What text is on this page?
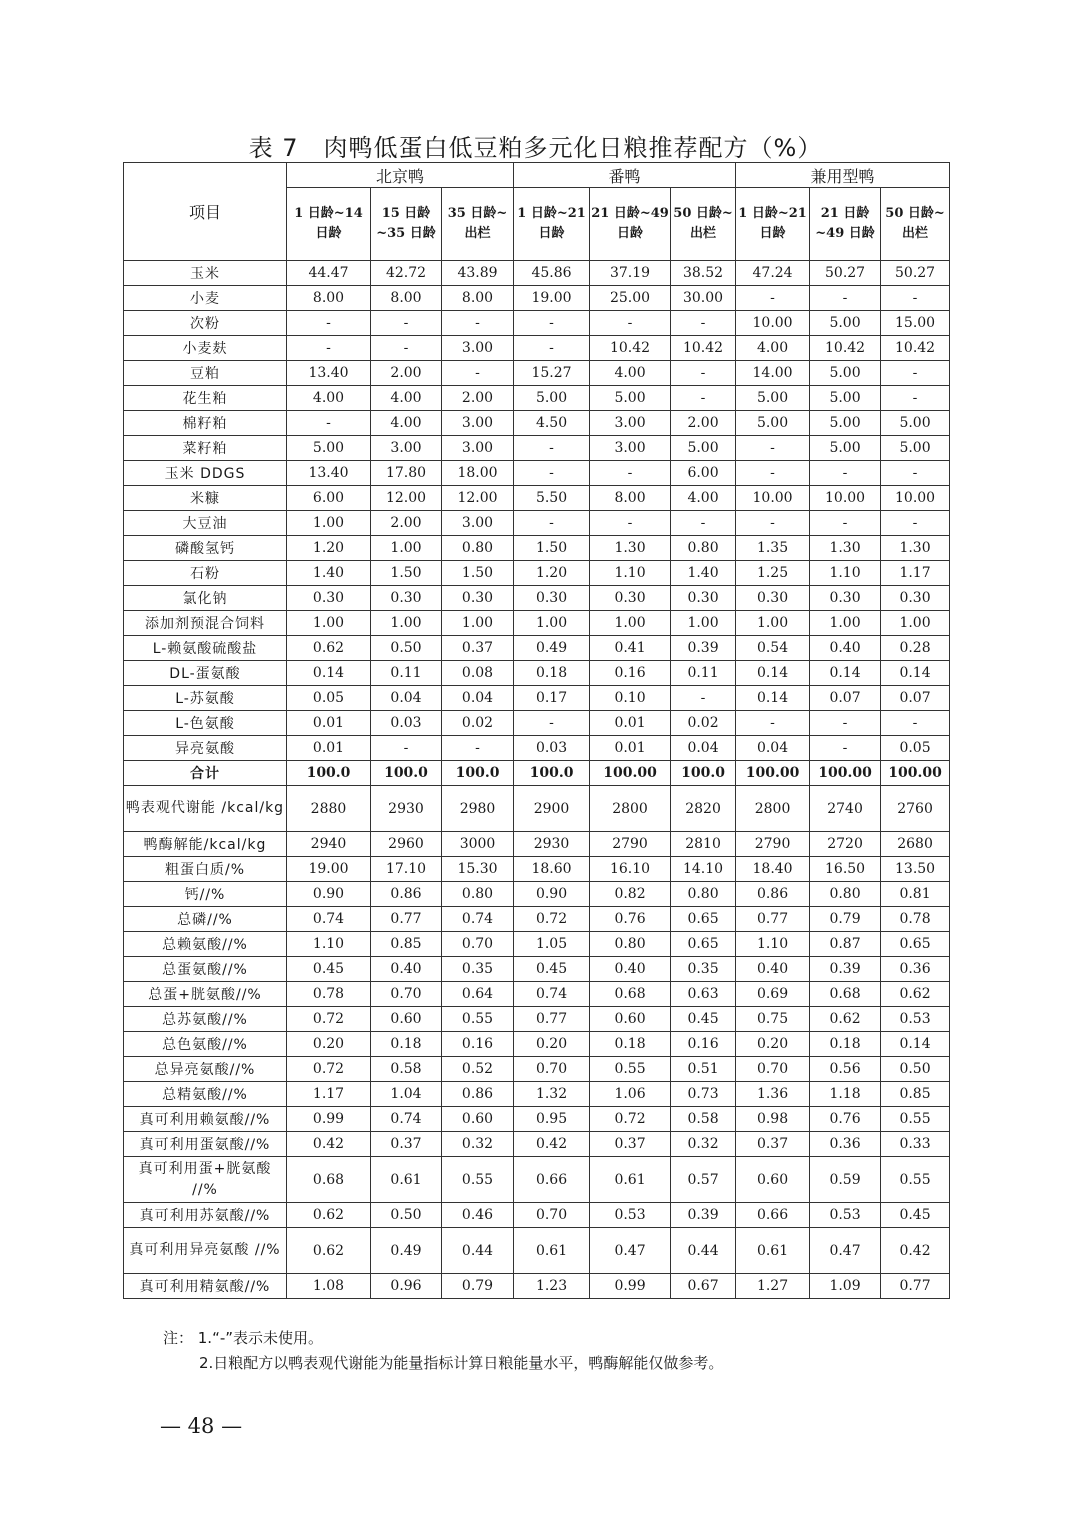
表 7　肉鸭低蛋白低豆粕多元化日粮推荐配方（%）
项目	北京鸭			番鸭			兼用型鸭		
	1 日龄~14 日龄	15 日龄~35 日龄	35 日龄~出栏	1 日龄~21 日龄	21 日龄~49 日龄	50 日龄~出栏	1 日龄~21 日龄	21 日龄~49 日龄	50 日龄~出栏
玉米	44.47	42.72	43.89	45.86	37.19	38.52	47.24	50.27	50.27
小麦	8.00	8.00	8.00	19.00	25.00	30.00	-	-	-
次粉	-	-	-	-	-	-	10.00	5.00	15.00
小麦麸	-	-	3.00	-	10.42	10.42	4.00	10.42	10.42
豆粕	13.40	2.00	-	15.27	4.00	-	14.00	5.00	-
花生粕	4.00	4.00	2.00	5.00	5.00	-	5.00	5.00	-
棉籽粕	-	4.00	3.00	4.50	3.00	2.00	5.00	5.00	5.00
菜籽粕	5.00	3.00	3.00	-	3.00	5.00	-	5.00	5.00
玉米 DDGS	13.40	17.80	18.00	-	-	6.00	-	-	-
米糠	6.00	12.00	12.00	5.50	8.00	4.00	10.00	10.00	10.00
大豆油	1.00	2.00	3.00	-	-	-	-	-	-
磷酸氢钙	1.20	1.00	0.80	1.50	1.30	0.80	1.35	1.30	1.30
石粉	1.40	1.50	1.50	1.20	1.10	1.40	1.25	1.10	1.17
氯化钠	0.30	0.30	0.30	0.30	0.30	0.30	0.30	0.30	0.30
添加剂预混合饲料	1.00	1.00	1.00	1.00	1.00	1.00	1.00	1.00	1.00
L-赖氨酸硫酸盐	0.62	0.50	0.37	0.49	0.41	0.39	0.54	0.40	0.28
DL-蛋氨酸	0.14	0.11	0.08	0.18	0.16	0.11	0.14	0.14	0.14
L-苏氨酸	0.05	0.04	0.04	0.17	0.10	-	0.14	0.07	0.07
L-色氨酸	0.01	0.03	0.02	-	0.01	0.02	-	-	-
异亮氨酸	0.01	-	-	0.03	0.01	0.04	0.04	-	0.05
合计	100.0	100.0	100.0	100.0	100.00	100.0	100.00	100.00	100.00
鸭表观代谢能 /kcal/kg	2880	2930	2980	2900	2800	2820	2800	2740	2760
鸭酶解能/kcal/kg	2940	2960	3000	2930	2790	2810	2790	2720	2680
粗蛋白质/%	19.00	17.10	15.30	18.60	16.10	14.10	18.40	16.50	13.50
钙//%	0.90	0.86	0.80	0.90	0.82	0.80	0.86	0.80	0.81
总磷//%	0.74	0.77	0.74	0.72	0.76	0.65	0.77	0.79	0.78
总赖氨酸//%	1.10	0.85	0.70	1.05	0.80	0.65	1.10	0.87	0.65
总蛋氨酸//%	0.45	0.40	0.35	0.45	0.40	0.35	0.40	0.39	0.36
总蛋+胱氨酸//%	0.78	0.70	0.64	0.74	0.68	0.63	0.69	0.68	0.62
总苏氨酸//%	0.72	0.60	0.55	0.77	0.60	0.45	0.75	0.62	0.53
总色氨酸//%	0.20	0.18	0.16	0.20	0.18	0.16	0.20	0.18	0.14
总异亮氨酸//%	0.72	0.58	0.52	0.70	0.55	0.51	0.70	0.56	0.50
总精氨酸//%	1.17	1.04	0.86	1.32	1.06	0.73	1.36	1.18	0.85
真可利用赖氨酸//%	0.99	0.74	0.60	0.95	0.72	0.58	0.98	0.76	0.55
真可利用蛋氨酸//%	0.42	0.37	0.32	0.42	0.37	0.32	0.37	0.36	0.33
真可利用蛋+胱氨酸 //%	0.68	0.61	0.55	0.66	0.61	0.57	0.60	0.59	0.55
真可利用苏氨酸//%	0.62	0.50	0.46	0.70	0.53	0.39	0.66	0.53	0.45
真可利用异亮氨酸 //%	0.62	0.49	0.44	0.61	0.47	0.44	0.61	0.47	0.42
真可利用精氨酸//%	1.08	0.96	0.79	1.23	0.99	0.67	1.27	1.09	0.77
注： 1.“-”表示未使用。
2.日粮配方以鸭表观代谢能为能量指标计算日粮能量水平，鸭酶解能仅做参考。
— 48 —
